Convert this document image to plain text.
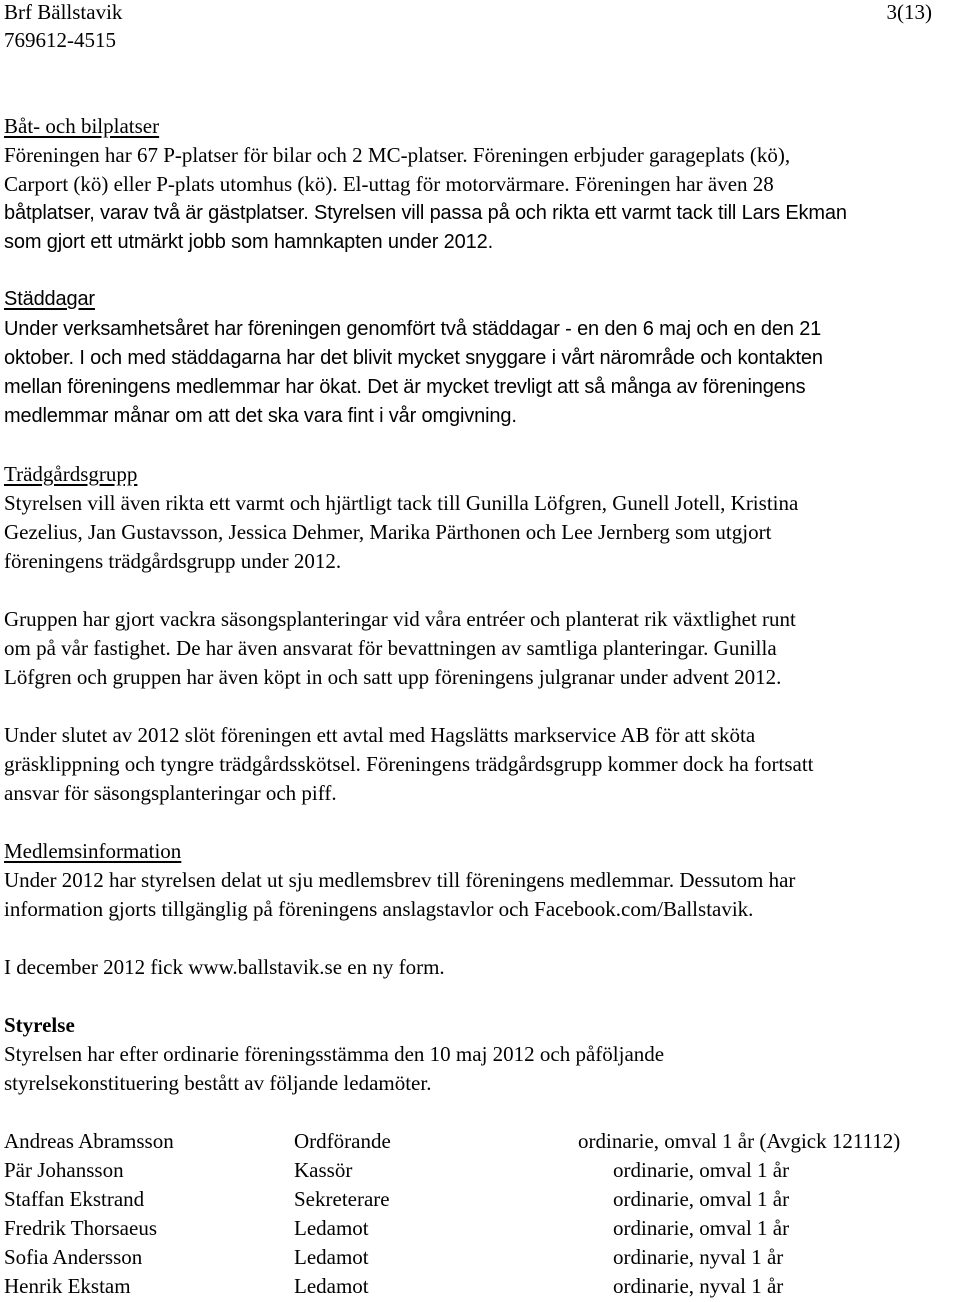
Brf Bällstavik	3(13)
769612-4515
Båt- och bilplatser
Föreningen har 67 P-platser för bilar och 2 MC-platser. Föreningen erbjuder garageplats (kö),
Carport (kö) eller P-plats utomhus (kö). El-uttag för motorvärmare. Föreningen har även 28
båtplatser, varav två är gästplatser. Styrelsen vill passa på och rikta ett varmt tack till Lars Ekman
som gjort ett utmärkt jobb som hamnkapten under 2012.
Städdagar
Under verksamhetsåret har föreningen genomfört två städdagar - en den 6 maj och en den 21
oktober. I och med städdagarna har det blivit mycket snyggare i vårt närområde och kontakten
mellan föreningens medlemmar har ökat. Det är mycket trevligt att så många av föreningens
medlemmar månar om att det ska vara fint i vår omgivning.
Trädgårdsgrupp
Styrelsen vill även rikta ett varmt och hjärtligt tack till Gunilla Löfgren, Gunell Jotell, Kristina
Gezelius, Jan Gustavsson, Jessica Dehmer, Marika Pärthonen och Lee Jernberg som utgjort
föreningens trädgårdsgrupp under 2012.
Gruppen har gjort vackra säsongsplanteringar vid våra entréer och planterat rik växtlighet runt
om på vår fastighet. De har även ansvarat för bevattningen av samtliga planteringar. Gunilla
Löfgren och gruppen har även köpt in och satt upp föreningens julgranar under advent 2012.
Under slutet av 2012 slöt föreningen ett avtal med Hagslätts markservice AB för att sköta
gräsklippning och tyngre trädgårdsskötsel. Föreningens trädgårdsgrupp kommer dock ha fortsatt
ansvar för säsongsplanteringar och piff.
Medlemsinformation
Under 2012 har styrelsen delat ut sju medlemsbrev till föreningens medlemmar. Dessutom har
information gjorts tillgänglig på föreningens anslagstavlor och Facebook.com/Ballstavik.
I december 2012 fick www.ballstavik.se en ny form.
Styrelse
Styrelsen har efter ordinarie föreningsstämma den 10 maj 2012 och påföljande
styrelsekonstituering bestått av följande ledamöter.
Andreas Abramsson	Ordförande	ordinarie, omval 1 år (Avgick 121112)
Pär Johansson	Kassör	ordinarie, omval 1 år
Staffan Ekstrand	Sekreterare	ordinarie, omval 1 år
Fredrik Thorsaeus	Ledamot	ordinarie, omval 1 år
Sofia Andersson	Ledamot	ordinarie, nyval 1 år
Henrik Ekstam	Ledamot	ordinarie, nyval 1 år
